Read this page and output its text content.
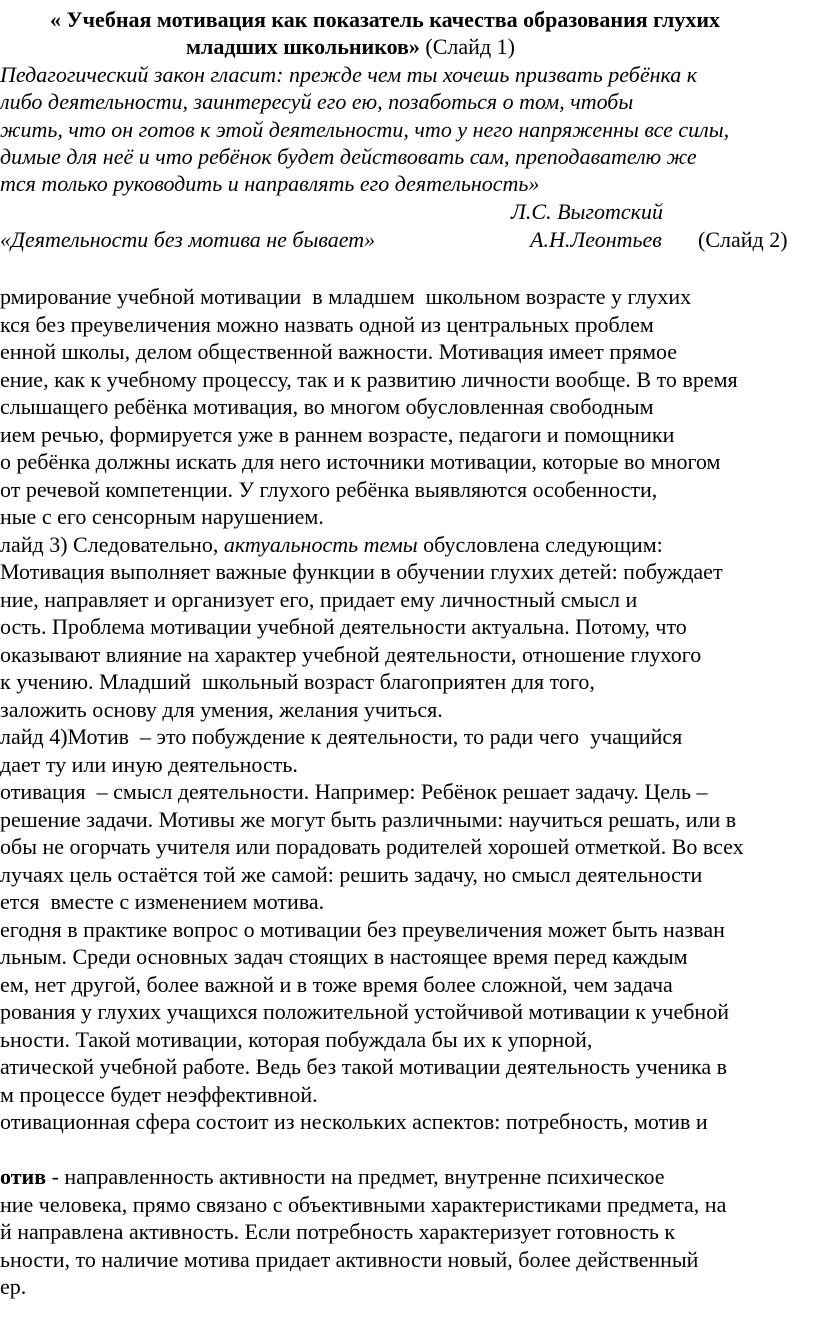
« Учебная мотивация как показатель качества образования глухих
младших школьников» (Слайд 1)
Педагогический закон гласит: прежде чем ты хочешь призвать ребёнка к
либо деятельности, заинтересуй его ею, позаботься о том, чтобы
жить, что он готов к этой деятельности, что у него напряженны все силы,
димые для неё и что ребёнок будет действовать сам, преподавателю же
тся только руководить и направлять его деятельность»
Л.С. Выготский
«Деятельности без мотива не бывает»	А.Н.Леонтьев (Слайд 2)
рмирование учебной мотивации  в младшем  школьном возрасте у глухих
кся без преувеличения можно назвать одной из центральных проблем
енной школы, делом общественной важности. Мотивация имеет прямое
ение, как к учебному процессу, так и к развитию личности вообще. В то время
слышащего ребёнка мотивация, во многом обусловленная свободным
ием речью, формируется уже в раннем возрасте, педагоги и помощники
о ребёнка должны искать для него источники мотивации, которые во многом
от речевой компетенции. У глухого ребёнка выявляются особенности,
ные с его сенсорным нарушением.
лайд 3) Следовательно, актуальность темы обусловлена следующим:
Мотивация выполняет важные функции в обучении глухих детей: побуждает
ние, направляет и организует его, придает ему личностный смысл и
ость. Проблема мотивации учебной деятельности актуальна. Потому, что
оказывают влияние на характер учебной деятельности, отношение глухого
к учению. Младший  школьный возраст благоприятен для того,
заложить основу для умения, желания учиться.
лайд 4)Мотив  – это побуждение к деятельности, то ради чего  учащийся
дает ту или иную деятельность.
отивация  – смысл деятельности. Например: Ребёнок решает задачу. Цель –
решение задачи. Мотивы же могут быть различными: научиться решать, или в
обы не огорчать учителя или порадовать родителей хорошей отметкой. Во всех
лучаях цель остаётся той же самой: решить задачу, но смысл деятельности
ется  вместе с изменением мотива.
егодня в практике вопрос о мотивации без преувеличения может быть назван
льным. Среди основных задач стоящих в настоящее время перед каждым
ем, нет другой, более важной и в тоже время более сложной, чем задача
рования у глухих учащихся положительной устойчивой мотивации к учебной
ьности. Такой мотивации, которая побуждала бы их к упорной,
атической учебной работе. Ведь без такой мотивации деятельность ученика в
м процессе будет неэффективной.
отивационная сфера состоит из нескольких аспектов: потребность, мотив и
отив - направленность активности на предмет, внутренне психическое
ние человека, прямо связано с объективными характеристиками предмета, на
й направлена активность. Если потребность характеризует готовность к
ьности, то наличие мотива придает активности новый, более действенный
ер.
